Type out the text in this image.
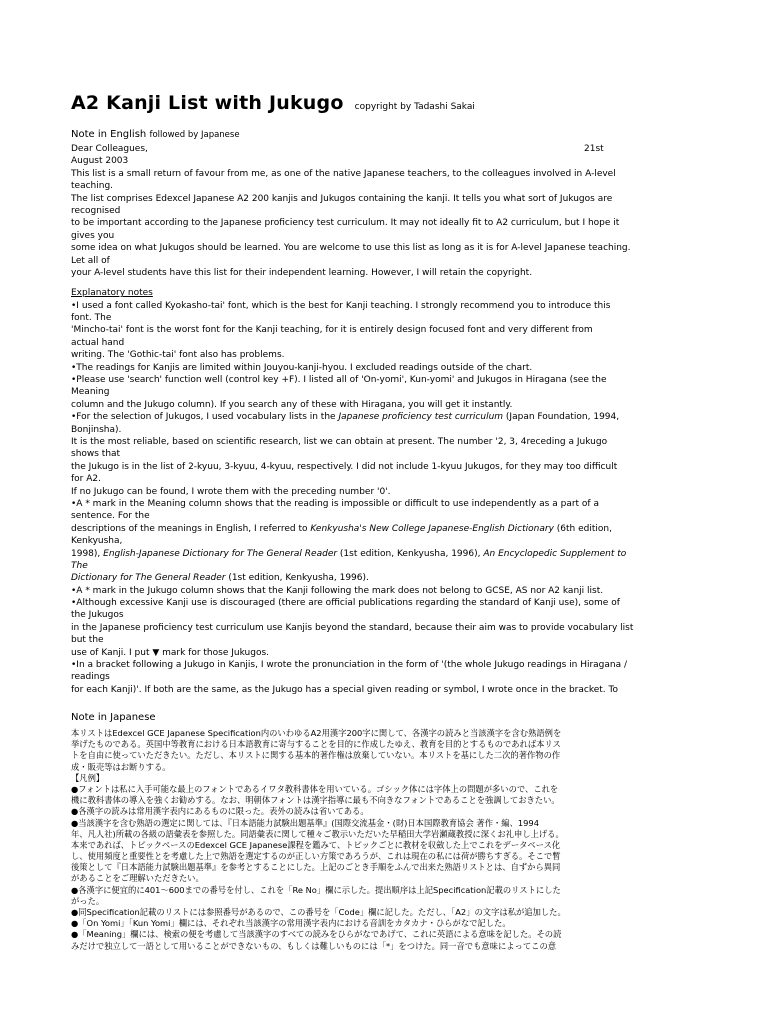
A2 Kanji List with Jukugo copyright by Tadashi Sakai
Note in English followed by Japanese
Dear Colleagues,	21st
August 2003
This list is a small return of favour from me, as one of the native Japanese teachers, to the colleagues involved in A-level
teaching.
The list comprises Edexcel Japanese A2 200 kanjis and Jukugos containing the kanji. It tells you what sort of Jukugos are
recognised
to be important according to the Japanese proficiency test curriculum. It may not ideally fit to A2 curriculum, but I hope it
gives you
some idea on what Jukugos should be learned. You are welcome to use this list as long as it is for A-level Japanese teaching.
Let all of
your A-level students have this list for their independent learning. However, I will retain the copyright.
Explanatory notes
•I used a font called Kyokasho-tai' font, which is the best for Kanji teaching. I strongly recommend you to introduce this
font. The
'Mincho-tai' font is the worst font for the Kanji teaching, for it is entirely design focused font and very different from
actual hand
writing. The 'Gothic-tai' font also has problems.
•The readings for Kanjis are limited within Jouyou-kanji-hyou. I excluded readings outside of the chart.
•Please use 'search' function well (control key +F). I listed all of 'On-yomi', Kun-yomi' and Jukugos in Hiragana (see the
Meaning
column and the Jukugo column). If you search any of these with Hiragana, you will get it instantly.
•For the selection of Jukugos, I used vocabulary lists in the Japanese proficiency test curriculum (Japan Foundation, 1994,
Bonjinsha).
It is the most reliable, based on scientific research, list we can obtain at present. The number '2, 3, 4receding a Jukugo
shows that
the Jukugo is in the list of 2-kyuu, 3-kyuu, 4-kyuu, respectively. I did not include 1-kyuu Jukugos, for they may too difficult
for A2.
If no Jukugo can be found, I wrote them with the preceding number '0'.
•A * mark in the Meaning column shows that the reading is impossible or difficult to use independently as a part of a
sentence. For the
descriptions of the meanings in English, I referred to Kenkyusha's New College Japanese-English Dictionary (6th edition,
Kenkyusha,
1998), English-Japanese Dictionary for The General Reader (1st edition, Kenkyusha, 1996), An Encyclopedic Supplement to
The
Dictionary for The General Reader (1st edition, Kenkyusha, 1996).
•A * mark in the Jukugo column shows that the Kanji following the mark does not belong to GCSE, AS nor A2 kanji list.
•Although excessive Kanji use is discouraged (there are official publications regarding the standard of Kanji use), some of
the Jukugos
in the Japanese proficiency test curriculum use Kanjis beyond the standard, because their aim was to provide vocabulary list
but the
use of Kanji. I put ▼ mark for those Jukugos.
•In a bracket following a Jukugo in Kanjis, I wrote the pronunciation in the form of '(the whole Jukugo readings in Hiragana /
readings
for each Kanji)'. If both are the same, as the Jukugo has a special given reading or symbol, I wrote once in the bracket. To
Note in Japanese
本リストはEdexcel GCE Japanese Specification内のいわゆるA2用漢字200字に関して、各漢字の読みと当該漢字を含む熟語例を
挙げたものである。英国中等教育における日本語教育に寄与することを目的に作成したゆえ、教育を目的とするものであれば本リス
トを自由に使っていただきたい。ただし、本リストに関する基本的著作権は放棄していない。本リストを基にした二次的著作物の作
成・販売等はお断りする。
【凡例】
●フォントは私に入手可能な最上のフォントであるイワタ教科書体を用いている。ゴシック体には字体上の問題が多いので、これを
機に教科書体の導入を強くお勧めする。なお、明朝体フォントは漢字指導に最も不向きなフォントであることを強調しておきたい。
●各漢字の読みは常用漢字表内にあるものに限った。表外の読みは省いてある。
●当該漢字を含む熟語の選定に関しては、『日本語能力試験出題基準』(国際交流基金・(財)日本国際教育協会 著作・編、1994
年、凡人社)所載の各級の語彙表を参照した。同語彙表に関して種々ご教示いただいた早稲田大学岩瀬蔵教授に深くお礼申し上げる。
本来であれば、トピックベースのEdexcel GCE Japanese課程を鑑みて、トピックごとに教材を収斂した上でこれをデータベース化
し、使用頻度と重要性とを考慮した上で熟語を選定するのが正しい方策であろうが、これは現在の私には荷が勝ちすぎる。そこで暫
後策として『日本語能力試験出題基準』を参考とすることにした。上記のごとき手順をふんで出来た熟語リストとは、自ずから異同
があることをご理解いただきたい。
●各漢字に便宜的に401〜600までの番号を付し、これを「Re No」欄に示した。提出順序は上記Specification記載のリストにした
がった。
●同Specification記載のリストには参照番号があるので、この番号を「Code」欄に記した。ただし、「A2」の文字は私が追加した。
●「On Yomi」「Kun Yomi」欄には、それぞれ当該漢字の常用漢字表内における音訓をカタカナ・ひらがなで記した。
●「Meaning」欄には、検索の便を考慮して当該漢字のすべての読みをひらがなであげて、これに英語による意味を記した。その読
みだけで独立して一語として用いることができないもの、もしくは難しいものには「*」をつけた。同一音でも意味によってこの意
